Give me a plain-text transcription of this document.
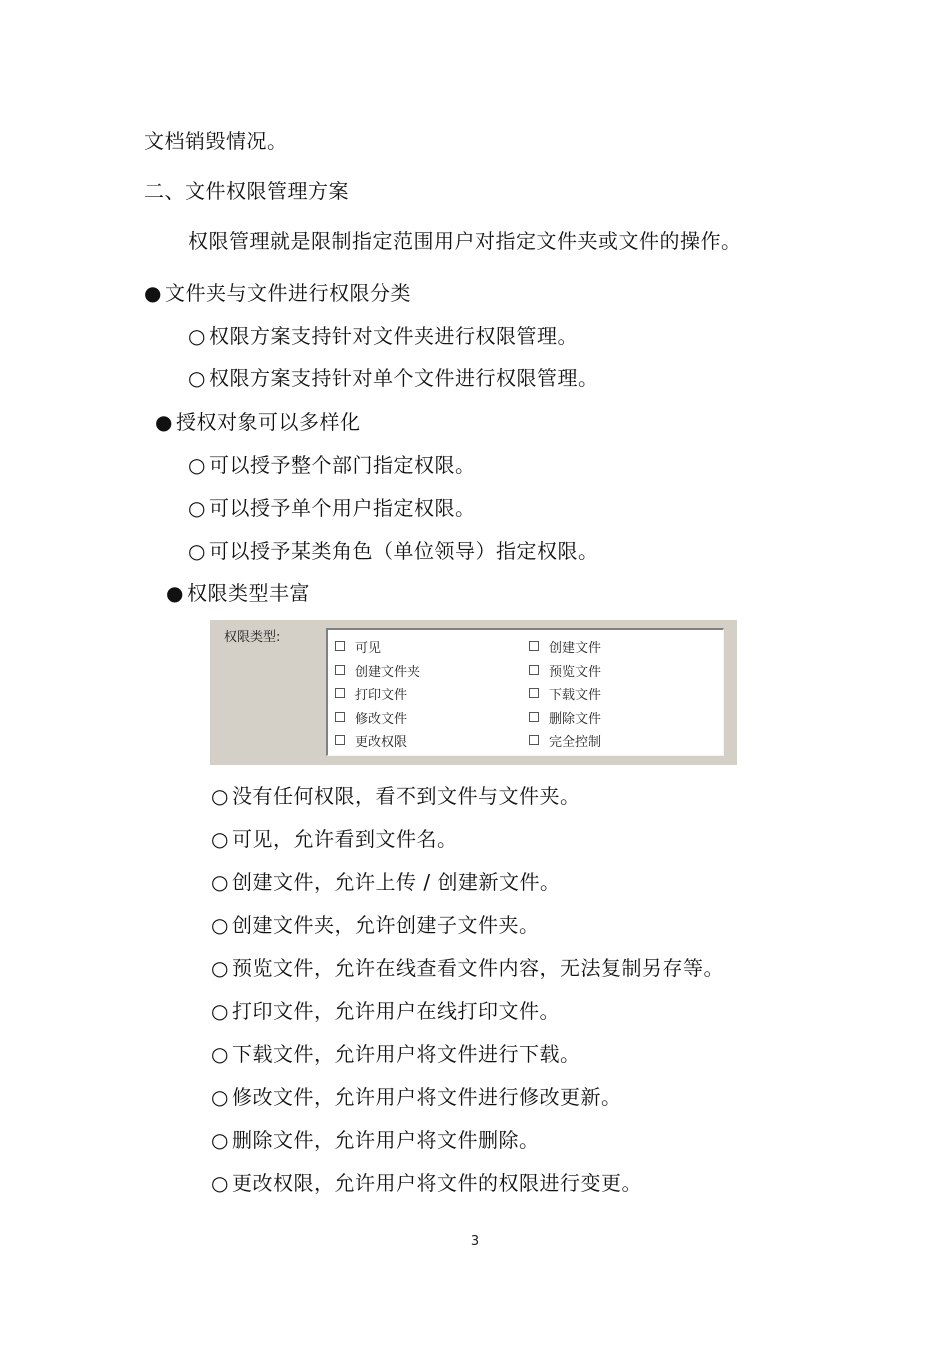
文档销毁情况。
二、文件权限管理方案
权限管理就是限制指定范围用户对指定文件夹或文件的操作。
● 文件夹与文件进行权限分类
○ 权限方案支持针对文件夹进行权限管理。
○ 权限方案支持针对单个文件进行权限管理。
● 授权对象可以多样化
○ 可以授予整个部门指定权限。
○ 可以授予单个用户指定权限。
○ 可以授予某类角色（单位领导）指定权限。
● 权限类型丰富
权限类型:
可见	创建文件
创建文件夹	预览文件
打印文件	下载文件
修改文件	删除文件
更改权限	完全控制
○ 没有任何权限，看不到文件与文件夹。
○ 可见，允许看到文件名。
○ 创建文件，允许上传 / 创建新文件。
○ 创建文件夹，允许创建子文件夹。
○ 预览文件，允许在线查看文件内容，无法复制另存等。
○ 打印文件，允许用户在线打印文件。
○ 下载文件，允许用户将文件进行下载。
○ 修改文件，允许用户将文件进行修改更新。
○ 删除文件，允许用户将文件删除。
○ 更改权限，允许用户将文件的权限进行变更。
3
